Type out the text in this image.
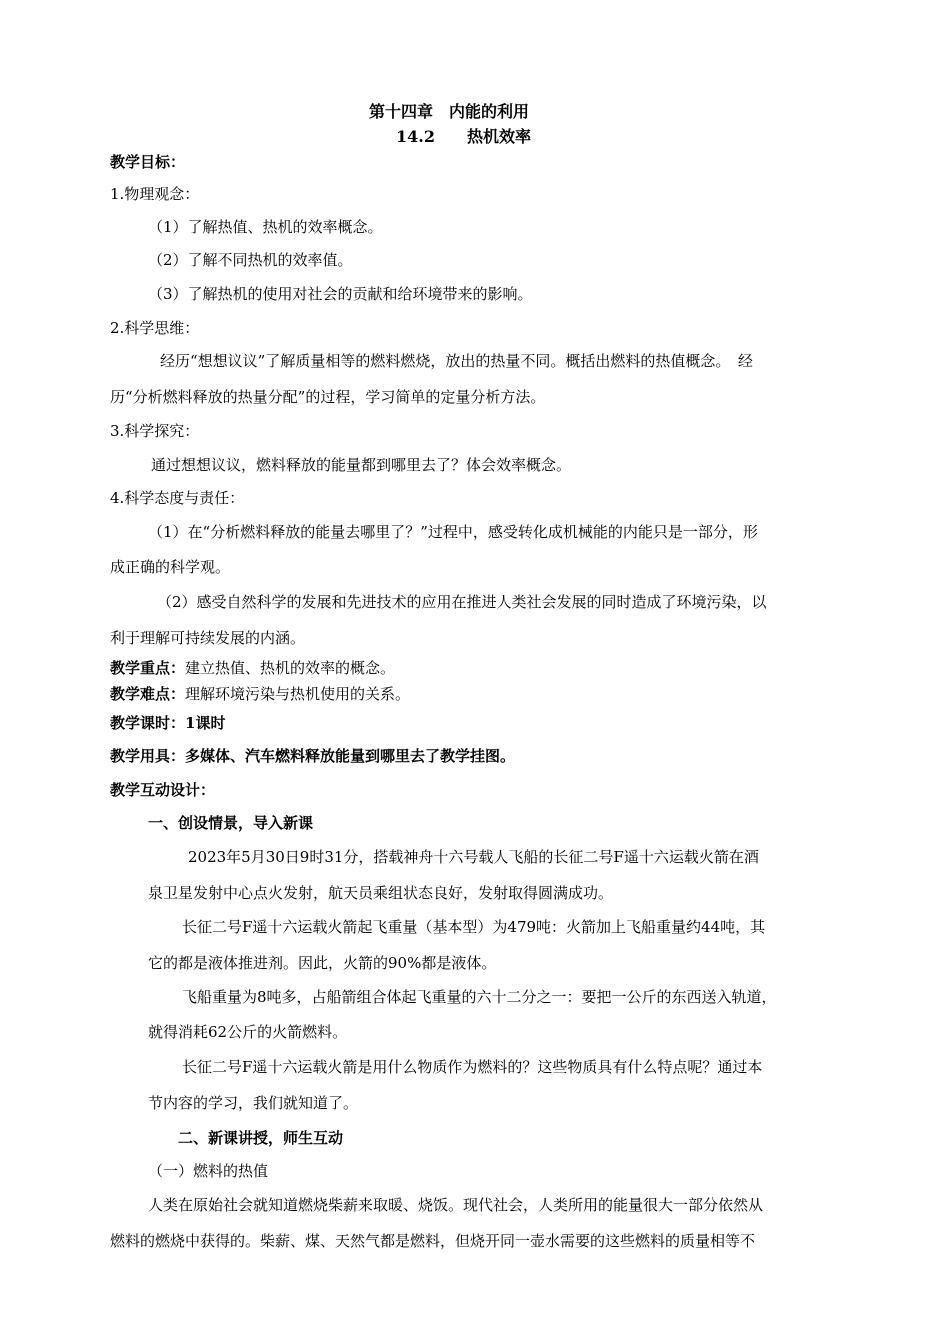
第十四章　内能的利用
14.2　　热机效率
教学目标：
1.物理观念：
（1）了解热值、热机的效率概念。
（2）了解不同热机的效率值。
（3）了解热机的使用对社会的贡献和给环境带来的影响。
2.科学思维：
经历“想想议议”了解质量相等的燃料燃烧，放出的热量不同。概括出燃料的热值概念。　经
历“分析燃料释放的热量分配”的过程，学习简单的定量分析方法。
3.科学探究：
通过想想议议，燃料释放的能量都到哪里去了？体会效率概念。
4.科学态度与责任：
（1）在“分析燃料释放的能量去哪里了？”过程中，感受转化成机械能的内能只是一部分，形
成正确的科学观。
（2）感受自然科学的发展和先进技术的应用在推进人类社会发展的同时造成了环境污染，以
利于理解可持续发展的内涵。
教学重点：建立热值、热机的效率的概念。
教学难点：理解环境污染与热机使用的关系。
教学课时：1课时
教学用具：多媒体、汽车燃料释放能量到哪里去了教学挂图。
教学互动设计：
一、创设情景，导入新课
2023年5月30日9时31分，搭载神舟十六号载人飞船的长征二号F遥十六运载火箭在酒
泉卫星发射中心点火发射，航天员乘组状态良好，发射取得圆满成功。
长征二号F遥十六运载火箭起飞重量（基本型）为479吨：火箭加上飞船重量约44吨，其
它的都是液体推进剂。因此，火箭的90%都是液体。
飞船重量为8吨多，占船箭组合体起飞重量的六十二分之一：要把一公斤的东西送入轨道，
就得消耗62公斤的火箭燃料。
长征二号F遥十六运载火箭是用什么物质作为燃料的？这些物质具有什么特点呢？通过本
节内容的学习，我们就知道了。
二、新课讲授，师生互动
（一）燃料的热值
人类在原始社会就知道燃烧柴薪来取暖、烧饭。现代社会，人类所用的能量很大一部分依然从
燃料的燃烧中获得的。柴薪、煤、天然气都是燃料，但烧开同一壶水需要的这些燃料的质量相等不
